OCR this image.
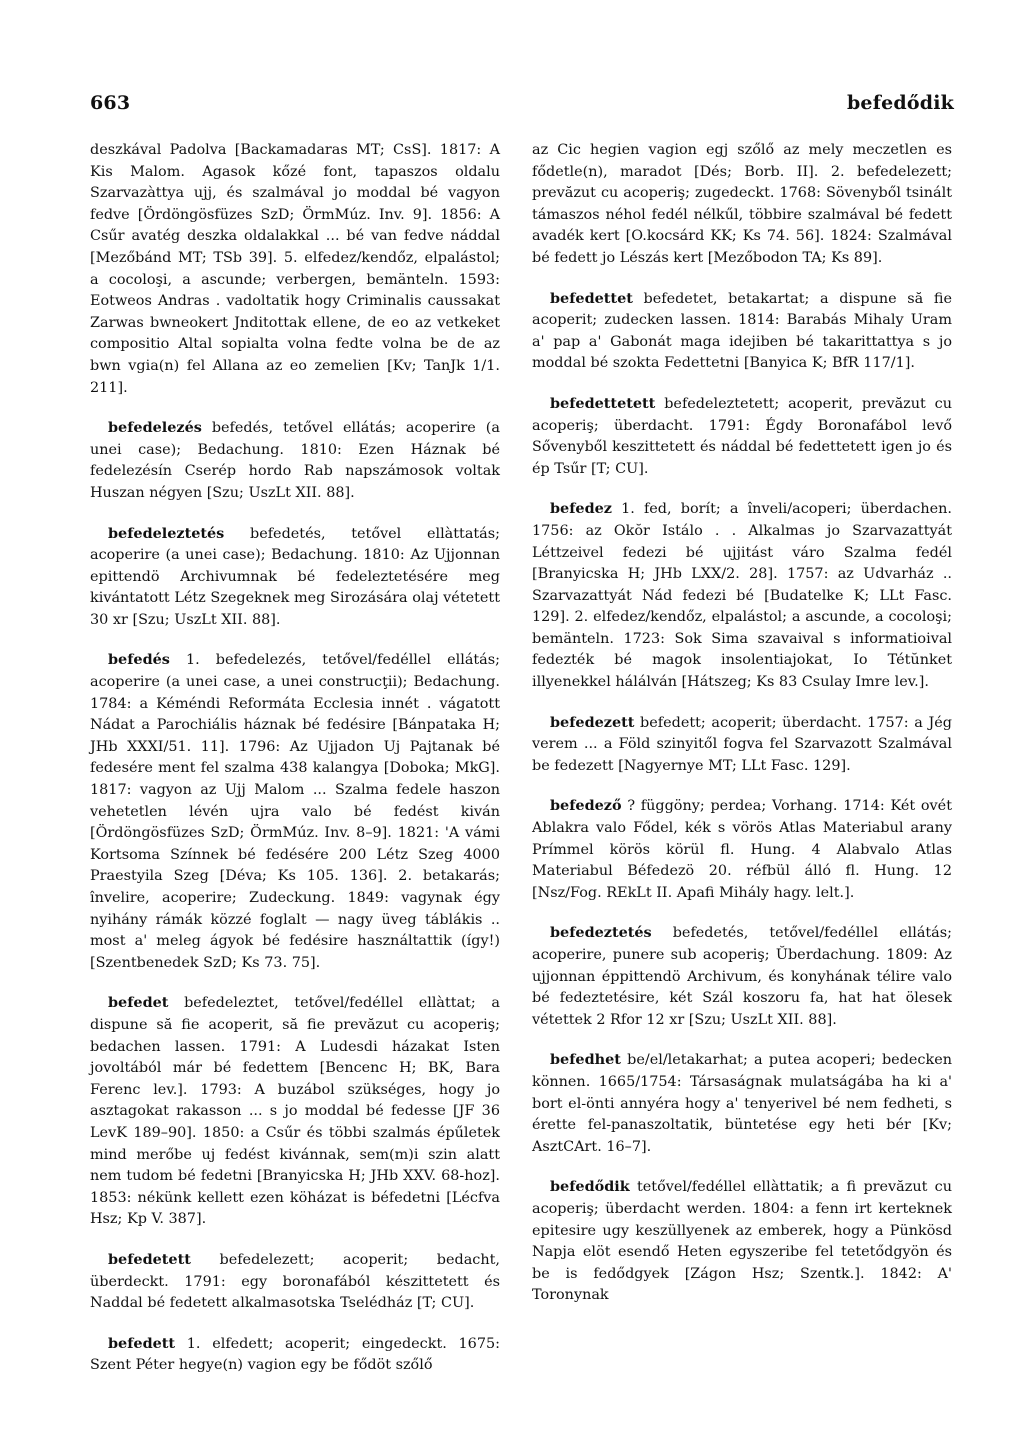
663	befedődik

deszkával Padolva [Backamadaras MT; CsS]. 1817: A Kis Malom. Agasok kőzé font, tapaszos oldalu Szarvazàttya ujj, és szalmával jo moddal bé vagyon fedve [Ördöngösfüzes SzD; ÖrmMúz. Inv. 9]. 1856: A Csűr avatég deszka oldalakkal ... bé van fedve náddal [Mezőbánd MT; TSb 39]. 5. elfedez/kendőz, elpalástol; a cocoloşi, a ascunde; verbergen, bemänteln. 1593: Eotweos Andras . vadoltatik hogy Criminalis caussakat Zarwas bwneokert Jnditottak ellene, de eo az vetkeket compositio Altal sopialta volna fedte volna be de az bwn vgia(n) fel Allana az eo zemelien [Kv; TanJk 1/1. 211].

befedelezés befedés, tetővel ellátás; acoperire (a unei case); Bedachung. 1810: Ezen Háznak bé fedelezésín Cserép hordo Rab napszámosok voltak Huszan négyen [Szu; UszLt XII. 88].

befedeleztetés befedetés, tetővel ellàttatás; acoperire (a unei case); Bedachung. 1810: Az Ujjonnan epittendö Archivumnak bé fedeleztetésére meg kivántatott Létz Szegeknek meg Sirozására olaj vétetett 30 xr [Szu; UszLt XII. 88].

befedés 1. befedelezés, tetővel/fedéllel ellátás; acoperire (a unei case, a unei construcţii); Bedachung. 1784: a Kéméndi Reformáta Ecclesia innét . vágatott Nádat a Parochiális háznak bé fedésire [Bánpataka H; JHb XXXI/51. 11]. 1796: Az Ujjadon Uj Pajtanak bé fedesére ment fel szalma 438 kalangya [Doboka; MkG]. 1817: vagyon az Ujj Malom ... Szalma fedele haszon vehetetlen lévén ujra valo bé fedést kiván [Ördöngösfüzes SzD; ÖrmMúz. Inv. 8–9]. 1821: 'A vámi Kortsoma Színnek bé fedésére 200 Létz Szeg 4000 Praestyila Szeg [Déva; Ks 105. 136]. 2. betakarás; învelire, acoperire; Zudeckung. 1849: vagynak égy nyihány rámák közzé foglalt — nagy üveg táblákis .. most a' meleg ágyok bé fedésire használtattik (így!) [Szentbenedek SzD; Ks 73. 75].

befedet befedeleztet, tetővel/fedéllel ellàttat; a dispune să fie acoperit, să fie prevăzut cu acoperiş; bedachen lassen. 1791: A Ludesdi házakat Isten jovoltából már bé fedettem [Bencenc H; BK, Bara Ferenc lev.]. 1793: A buzábol szükséges, hogy jo asztagokat rakasson ... s jo moddal bé fedesse [JF 36 LevK 189–90]. 1850: a Csűr és többi szalmás épűletek mind merőbe uj fedést kivánnak, sem(m)i szin alatt nem tudom bé fedetni [Branyicska H; JHb XXV. 68-hoz]. 1853: nékünk kellett ezen köházat is béfedetni [Lécfva Hsz; Kp V. 387].

befedetett befedelezett; acoperit; bedacht, überdeckt. 1791: egy boronafából készittetett és Naddal bé fedetett alkalmasotska Tselédház [T; CU].

befedett 1. elfedett; acoperit; eingedeckt. 1675: Szent Péter hegye(n) vagion egy be fődöt szőlő

az Cic hegien vagion egj szőlő az mely meczetlen es fődetle(n), maradot [Dés; Borb. II]. 2. befedelezett; prevăzut cu acoperiş; zugedeckt. 1768: Sövenyből tsinált támaszos néhol fedél nélkűl, többire szalmával bé fedett avadék kert [O.kocsárd KK; Ks 74. 56]. 1824: Szalmával bé fedett jo Lészás kert [Mezőbodon TA; Ks 89].

befedettet befedetet, betakartat; a dispune să fie acoperit; zudecken lassen. 1814: Barabás Mihaly Uram a' pap a' Gabonát maga idejiben bé takarittattya s jo moddal bé szokta Fedettetni [Banyica K; BfR 117/1].

befedettetett befedeleztetett; acoperit, prevăzut cu acoperiş; überdacht. 1791: Égdy Boronafábol levő Sővenyből keszittetett és náddal bé fedettetett igen jo és ép Tsűr [T; CU].

befedez 1. fed, borít; a înveli/acoperi; überdachen. 1756: az Okŏr Istálo . . Alkalmas jo Szarvazattyát Léttzeivel fedezi bé ujjitást váro Szalma fedél [Branyicska H; JHb LXX/2. 28]. 1757: az Udvarház .. Szarvazattyát Nád fedezi bé [Budatelke K; LLt Fasc. 129]. 2. elfedez/kendőz, elpalástol; a ascunde, a cocoloşi; bemänteln. 1723: Sok Sima szavaival s informatioival fedezték bé magok insolentiajokat, Io Tétŭnket illyenekkel hálálván [Hátszeg; Ks 83 Csulay Imre lev.].

befedezett befedett; acoperit; überdacht. 1757: a Jég verem ... a Föld szinyitől fogva fel Szarvazott Szalmával be fedezett [Nagyernye MT; LLt Fasc. 129].

befedező ? függöny; perdea; Vorhang. 1714: Két ovét Ablakra valo Fődel, kék s vörös Atlas Materiabul arany Prímmel körös körül fl. Hung. 4 Alabvalo Atlas Materiabul Béfedezö 20. réfbül álló fl. Hung. 12 [Nsz/Fog. REkLt II. Apafi Mihály hagy. lelt.].

befedeztetés befedetés, tetővel/fedéllel ellátás; acoperire, punere sub acoperiş; Ŭberdachung. 1809: Az ujjonnan éppittendö Archivum, és konyhának télire valo bé fedeztetésire, két Szál koszoru fa, hat hat ölesek vétettek 2 Rfor 12 xr [Szu; UszLt XII. 88].

befedhet be/el/letakarhat; a putea acoperi; bedecken können. 1665/1754: Társaságnak mulatságába ha ki a' bort el-önti annyéra hogy a' tenyerivel bé nem fedheti, s érette fel-panaszoltatik, büntetése egy heti bér [Kv; AsztCArt. 16–7].

befedődik tetővel/fedéllel ellàttatik; a fi prevăzut cu acoperiş; überdacht werden. 1804: a fenn irt kerteknek epitesire ugy keszüllyenek az emberek, hogy a Pünkösd Napja elöt esendő Heten egyszeribe fel tetetődgyön és be is fedődgyek [Zágon Hsz; Szentk.]. 1842: A' Toronynak
